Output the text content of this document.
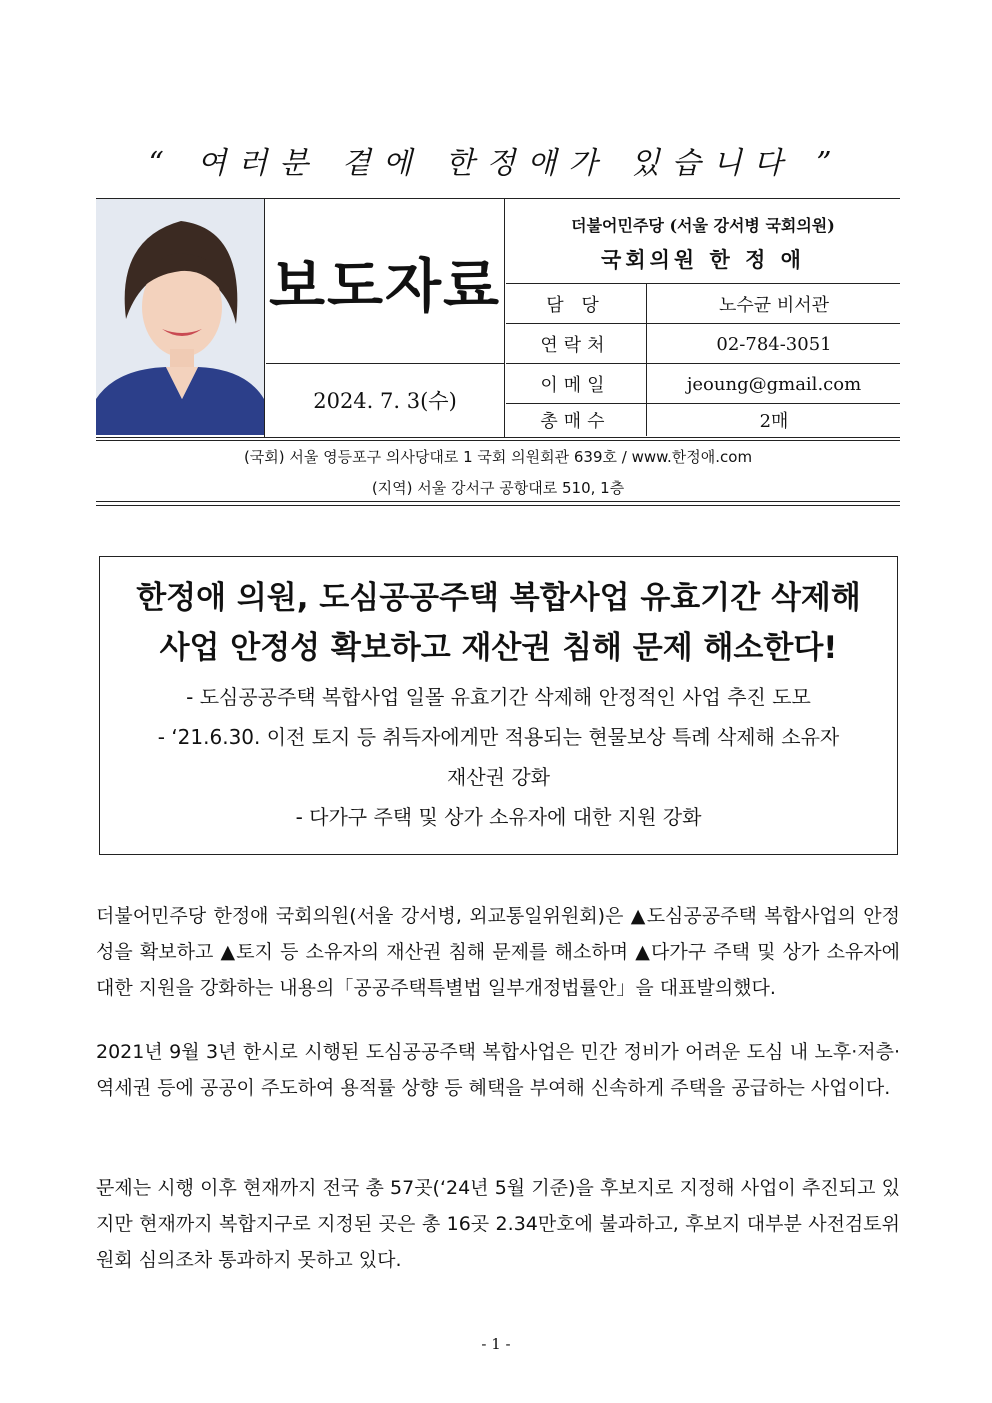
“ 여러분 곁에 한정애가 있습니다 ”
보도자료
2024. 7. 3(수)
더불어민주당 (서울 강서병 국회의원)
국회의원 한 정 애
담 당	노수균 비서관
연락처	02-784-3051
이메일	jeoung@gmail.com
총매수	2매
(국회) 서울 영등포구 의사당대로 1 국회 의원회관 639호 / www.한정애.com
(지역) 서울 강서구 공항대로 510, 1층
한정애 의원, 도심공공주택 복합사업 유효기간 삭제해
사업 안정성 확보하고 재산권 침해 문제 해소한다!
- 도심공공주택 복합사업 일몰 유효기간 삭제해 안정적인 사업 추진 도모
- ‘21.6.30. 이전 토지 등 취득자에게만 적용되는 현물보상 특례 삭제해 소유자
재산권 강화
- 다가구 주택 및 상가 소유자에 대한 지원 강화
더불어민주당 한정애 국회의원(서울 강서병, 외교통일위원회)은 ▲도심공공주택 복합사업의 안정성을 확보하고 ▲토지 등 소유자의 재산권 침해 문제를 해소하며 ▲다가구 주택 및 상가 소유자에 대한 지원을 강화하는 내용의「공공주택특별법 일부개정법률안」을 대표발의했다.
2021년 9월 3년 한시로 시행된 도심공공주택 복합사업은 민간 정비가 어려운 도심 내 노후·저층·역세권 등에 공공이 주도하여 용적률 상향 등 혜택을 부여해 신속하게 주택을 공급하는 사업이다.
문제는 시행 이후 현재까지 전국 총 57곳(‘24년 5월 기준)을 후보지로 지정해 사업이 추진되고 있지만 현재까지 복합지구로 지정된 곳은 총 16곳 2.34만호에 불과하고, 후보지 대부분 사전검토위원회 심의조차 통과하지 못하고 있다.
- 1 -
